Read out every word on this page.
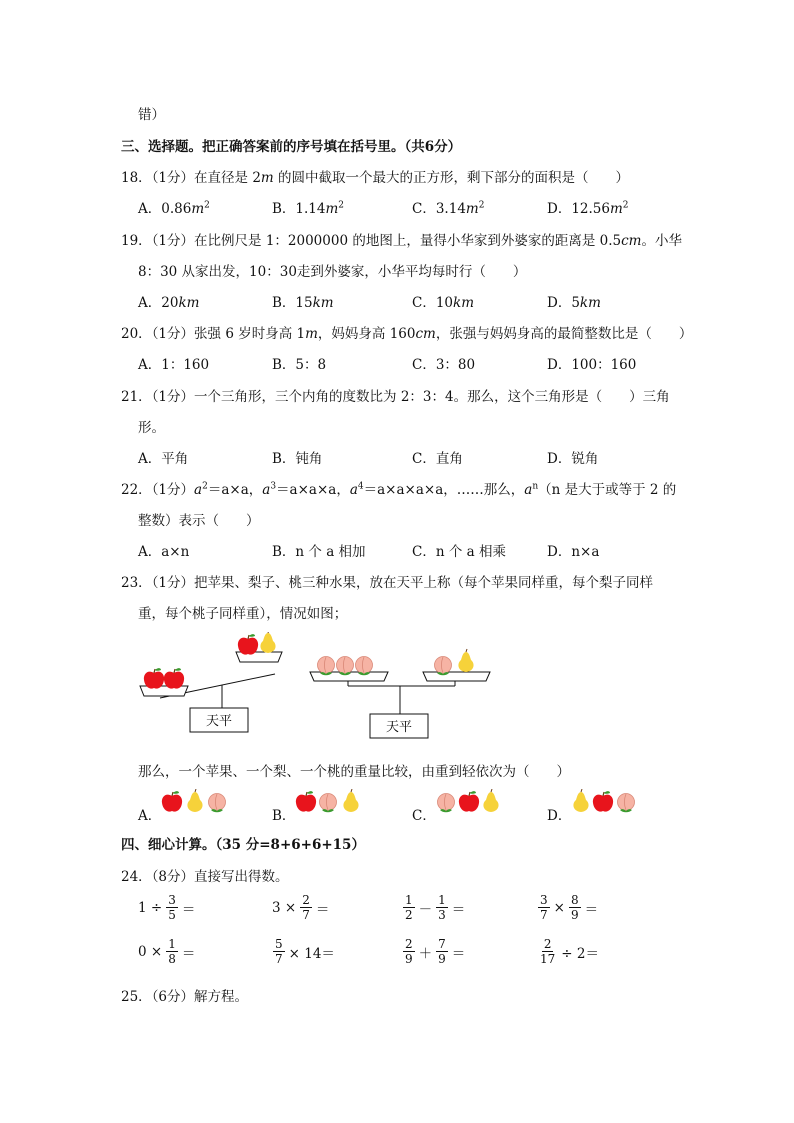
错）
三、选择题。把正确答案前的序号填在括号里。（共6分）
18．（1分）在直径是 2m 的圆中截取一个最大的正方形，剩下部分的面积是（　　）
A．$0.86m^2$	B．$1.14m^2$	C．$3.14m^2$	D．$12.56m^2$
19．（1分）在比例尺是 1：2000000 的地图上，量得小华家到外婆家的距离是 0.5cm。小华
8：30 从家出发，10：30走到外婆家，小华平均每时行（　　）
A．20km	B．15km	C．10km	D．5km
20．（1分）张强 6 岁时身高 1m，妈妈身高 160cm，张强与妈妈身高的最简整数比是（　　）
A．1：160	B．5：8	C．3：80	D．100：160
21．（1分）一个三角形，三个内角的度数比为 2：3：4。那么，这个三角形是（　　）三角
形。
A．平角	B．钝角	C．直角	D．锐角
22．（1分）$a^2=a\times a$，$a^3=a\times a\times a$，$a^4=a\times a\times a\times a$，……那么，$a^n(n$ 是大于或等于 2 的
整数）表示（　　）
A．a×n	B．n 个 a 相加	C．n 个 a 相乘	D．n×a
23．（1分）把苹果、梨子、桃三种水果，放在天平上称（每个苹果同样重，每个梨子同样
重，每个桃子同样重），情况如图；
天平	天平
那么，一个苹果、一个梨、一个桃的重量比较，由重到轻依次为（　　）
A．	B．	C．	D．
四、细心计算。（35 分=8+6+6+15）
24．（8分）直接写出得数。
$1 \div \frac{3}{5}$ ＝	$3 \times \frac{2}{7}$ ＝	$\frac{1}{2} - \frac{1}{3}$ ＝	$\frac{3}{7} \times \frac{8}{9}$ ＝
$0 \times \frac{1}{8}$ ＝	$\frac{5}{7} \times 14=$	$\frac{2}{9} + \frac{7}{9}$ ＝	$\frac{2}{17} \div 2=$
25．（6分）解方程。
